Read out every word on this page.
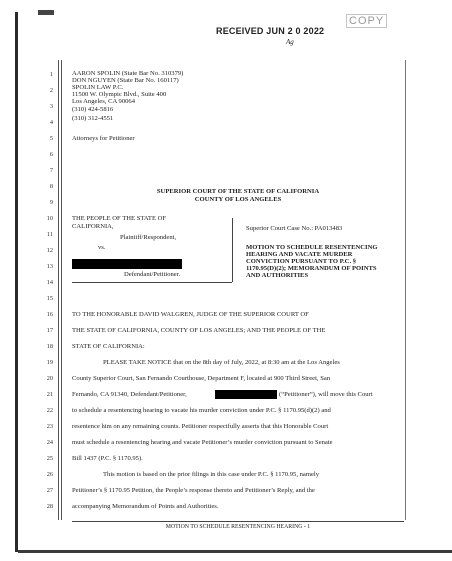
RECEIVED JUN 2 0 2022
Ag
COPY
1
2
3
4
5
6
7
8
9
10
11
12
13
14
15
16
17
18
19
20
21
22
23
24
25
26
27
28
AARON SPOLIN (State Bar No. 310379)
DON NGUYEN (State Bar No. 160117)
SPOLIN LAW P.C.
11500 W. Olympic Blvd., Suite 400
Los Angeles, CA 90064
(310) 424-5816
(310) 312-4551
Attorneys for Petitioner
SUPERIOR COURT OF THE STATE OF CALIFORNIA
COUNTY OF LOS ANGELES
THE PEOPLE OF THE STATE OF
CALIFORNIA,
Plaintiff/Respondent,
vs.
Defendant/Petitioner.
Superior Court Case No.: PA013483
MOTION TO SCHEDULE RESENTENCING
HEARING AND VACATE MURDER
CONVICTION PURSUANT TO P.C. §
1170.95(D)(2); MEMORANDUM OF POINTS
AND AUTHORITIES
TO THE HONORABLE DAVID WALGREN, JUDGE OF THE SUPERIOR COURT OF
THE STATE OF CALIFORNIA, COUNTY OF LOS ANGELES; AND THE PEOPLE OF THE
STATE OF CALIFORNIA:
PLEASE TAKE NOTICE that on the 8th day of July, 2022, at 8:30 am at the Los Angeles
County Superior Court, San Fernando Courthouse, Department F, located at 900 Third Street, San
Fernando, CA 91340, Defendant/Petitioner,	(“Petitioner”), will move this Court
to schedule a resentencing hearing to vacate his murder conviction under P.C. § 1170.95(d)(2) and
resentence him on any remaining counts. Petitioner respectfully asserts that this Honorable Court
must schedule a resentencing hearing and vacate Petitioner’s murder conviction pursuant to Senate
Bill 1437 (P.C. § 1170.95).
This motion is based on the prior filings in this case under P.C. § 1170.95, namely
Petitioner’s § 1170.95 Petition, the People’s response thereto and Petitioner’s Reply, and the
accompanying Memorandum of Points and Authorities.
MOTION TO SCHEDULE RESENTENCING HEARING - 1
